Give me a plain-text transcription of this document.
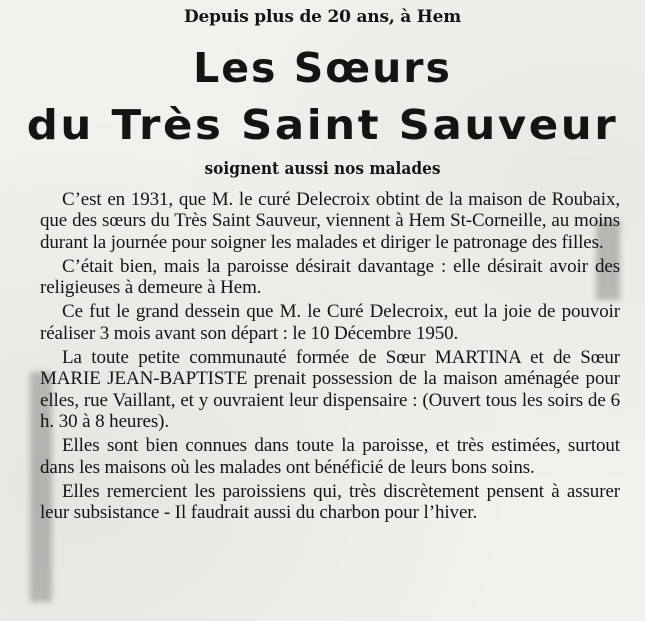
Depuis plus de 20 ans, à Hem
Les Sœurs
du Très Saint Sauveur
soignent aussi nos malades

C’est en 1931, que M. le curé Delecroix obtint de la maison de Roubaix, que des sœurs du Très Saint Sauveur, viennent à Hem St-Corneille, au moins durant la journée pour soigner les malades et diriger le patronage des filles.

C’était bien, mais la paroisse désirait davantage : elle désirait avoir des religieuses à demeure à Hem.

Ce fut le grand dessein que M. le Curé Delecroix, eut la joie de pouvoir réaliser 3 mois avant son départ : le 10 Décembre 1950.

La toute petite communauté formée de Sœur MARTINA et de Sœur MARIE JEAN-BAPTISTE prenait possession de la maison aménagée pour elles, rue Vaillant, et y ouvraient leur dispensaire : (Ouvert tous les soirs de 6 h. 30 à 8 heures).

Elles sont bien connues dans toute la paroisse, et très estimées, surtout dans les maisons où les malades ont bénéficié de leurs bons soins.

Elles remercient les paroissiens qui, très discrètement pensent à assurer leur subsistance - Il faudrait aussi du charbon pour l’hiver.
